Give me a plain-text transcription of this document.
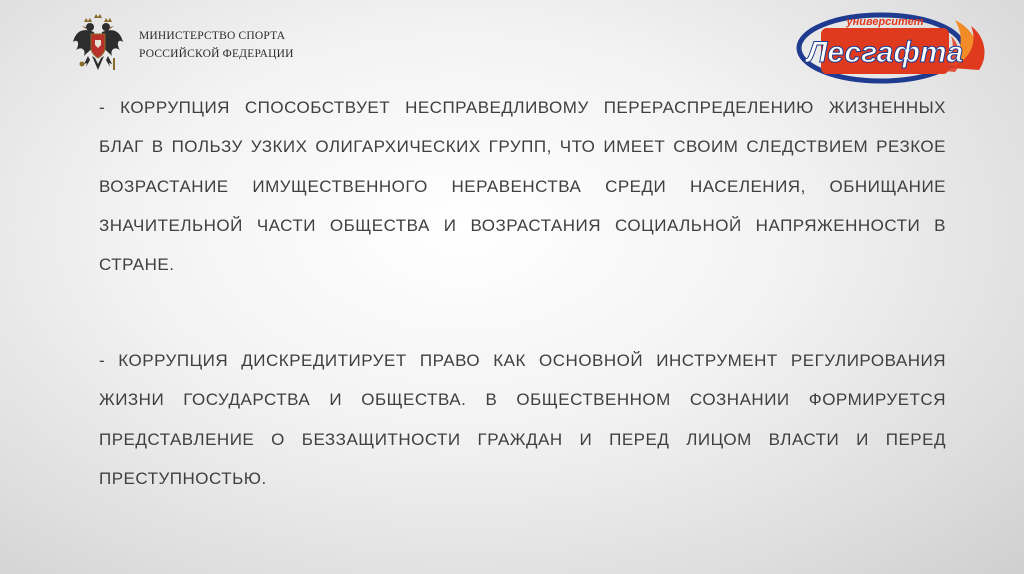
МИНИСТЕРСТВО СПОРТА
РОССИЙСКОЙ ФЕДЕРАЦИИ
университет
Лесгафта
- КОРРУПЦИЯ СПОСОБСТВУЕТ НЕСПРАВЕДЛИВОМУ ПЕРЕРАСПРЕДЕЛЕНИЮ ЖИЗНЕННЫХ БЛАГ В ПОЛЬЗУ УЗКИХ ОЛИГАРХИЧЕСКИХ ГРУПП, ЧТО ИМЕЕТ СВОИМ СЛЕДСТВИЕМ РЕЗКОЕ ВОЗРАСТАНИЕ ИМУЩЕСТВЕННОГО НЕРАВЕНСТВА СРЕДИ НАСЕЛЕНИЯ, ОБНИЩАНИЕ ЗНАЧИТЕЛЬНОЙ ЧАСТИ ОБЩЕСТВА И ВОЗРАСТАНИЯ СОЦИАЛЬНОЙ НАПРЯЖЕННОСТИ В СТРАНЕ.
- КОРРУПЦИЯ ДИСКРЕДИТИРУЕТ ПРАВО КАК ОСНОВНОЙ ИНСТРУМЕНТ РЕГУЛИРОВАНИЯ ЖИЗНИ ГОСУДАРСТВА И ОБЩЕСТВА. В ОБЩЕСТВЕННОМ СОЗНАНИИ ФОРМИРУЕТСЯ ПРЕДСТАВЛЕНИЕ О БЕЗЗАЩИТНОСТИ ГРАЖДАН И ПЕРЕД ЛИЦОМ ВЛАСТИ И ПЕРЕД ПРЕСТУПНОСТЬЮ.
